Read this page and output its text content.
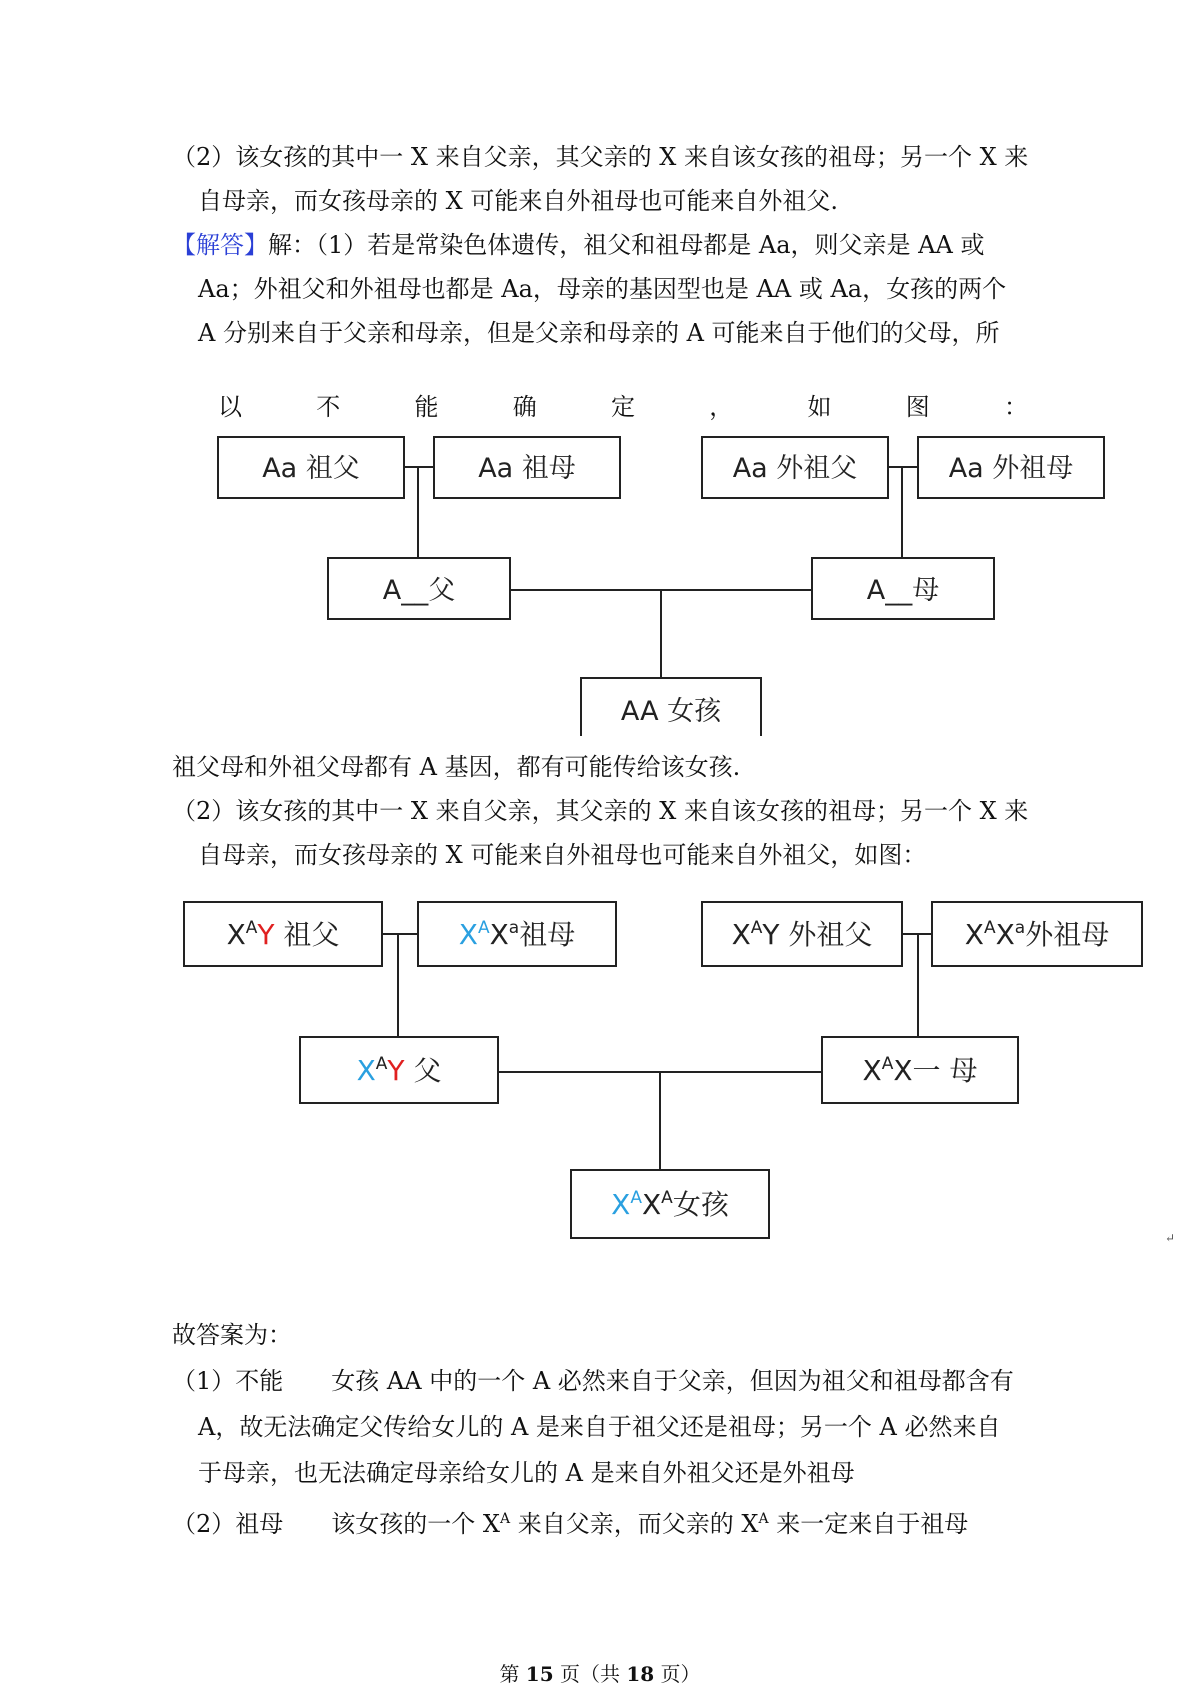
（2）该女孩的其中一 X 来自父亲，其父亲的 X 来自该女孩的祖母；另一个 X 来
自母亲，而女孩母亲的 X 可能来自外祖母也可能来自外祖父.
【解答】解：（1）若是常染色体遗传，祖父和祖母都是 Aa，则父亲是 AA 或
Aa；外祖父和外祖母也都是 Aa，母亲的基因型也是 AA 或 Aa，女孩的两个
A 分别来自于父亲和母亲，但是父亲和母亲的 A 可能来自于他们的父母，所
以	不	能	确	定	，	如	图	：
Aa 祖父	Aa 祖母	Aa 外祖父	Aa 外祖母
A__父	A__母
AA 女孩
祖父母和外祖父母都有 A 基因，都有可能传给该女孩.
（2）该女孩的其中一 X 来自父亲，其父亲的 X 来自该女孩的祖母；另一个 X 来
自母亲，而女孩母亲的 X 可能来自外祖母也可能来自外祖父，如图：
$X^AY$ 祖父	$X^AX^a$祖母	$X^AY$ 外祖父	$X^AX^a$外祖母
$X^AY$ 父	$X^AX$一 母
$X^AX^A$女孩
↵
故答案为：
（1）不能　　女孩 AA 中的一个 A 必然来自于父亲，但因为祖父和祖母都含有
A，故无法确定父传给女儿的 A 是来自于祖父还是祖母；另一个 A 必然来自
于母亲，也无法确定母亲给女儿的 A 是来自外祖父还是外祖母
（2）祖母　　该女孩的一个 $X^A$ 来自父亲，而父亲的 $X^A$ 来一定来自于祖母
第 15 页（共 18 页）
